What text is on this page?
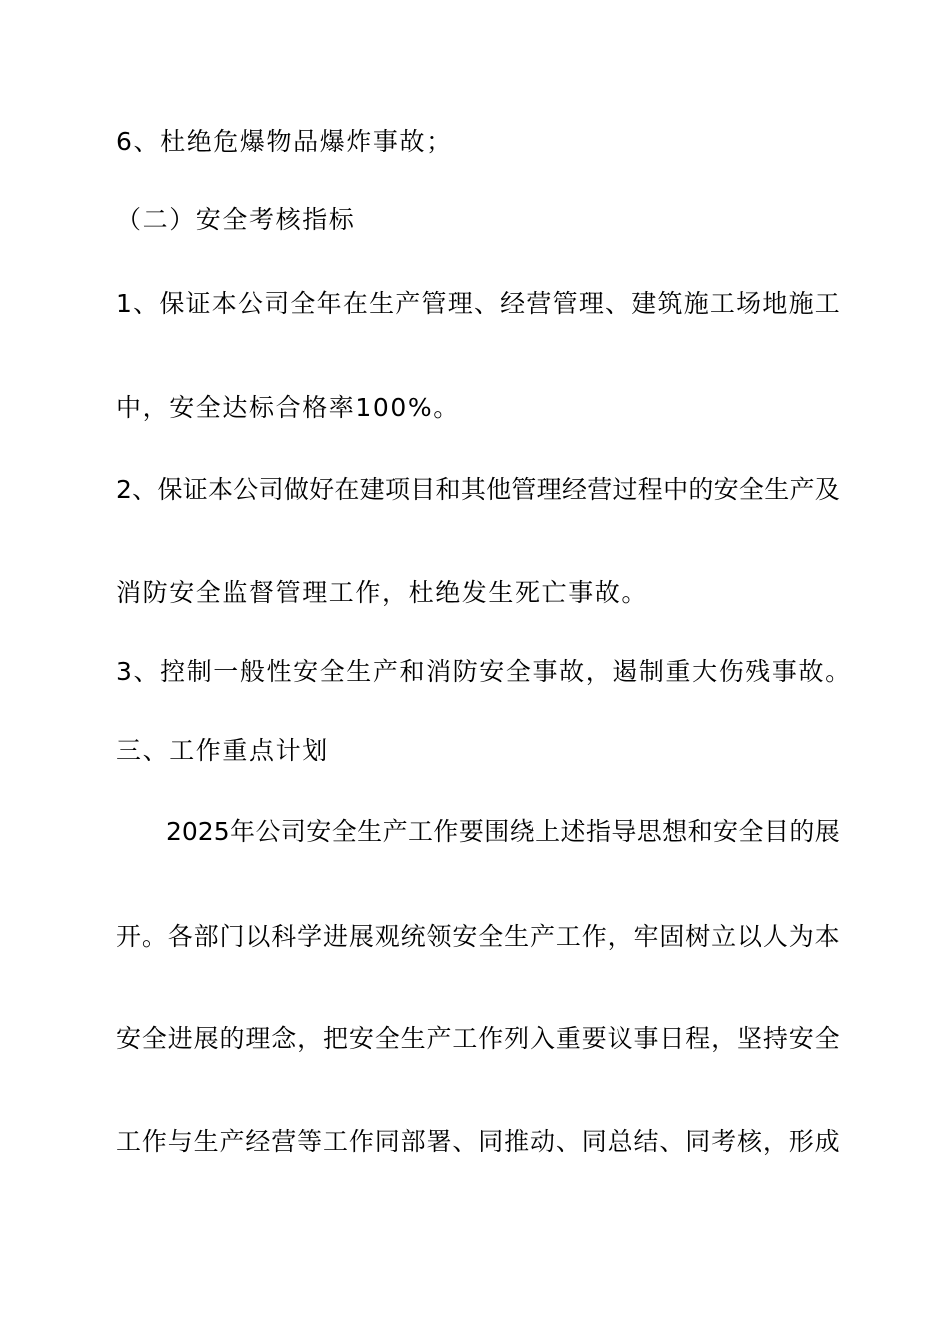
6、杜绝危爆物品爆炸事故；
（二）安全考核指标
1 、 保 证 本 公 司 全 年 在 生 产 管 理 、 经 营 管 理 、 建 筑 施 工 场 地 施 工
中，安全达标合格率100%。
2 、 保 证 本 公 司 做 好 在 建 项 目 和 其 他 管 理 经 营 过 程 中 的 安 全 生 产 及
消防安全监督管理工作，杜绝发生死亡事故。
3、控制一般性安全生产和消防安全事故，遏制重大伤残事故。
三、工作重点计划
2025 年 公 司 安 全 生 产 工 作 要 围 绕 上 述 指 导 思 想 和 安 全 目 的 展
开 。 各 部 门 以 科 学 进 展 观 统 领 安 全 生 产 工 作 ， 牢 固 树 立 以 人 为 本
安 全 进 展 的 理 念 ， 把 安 全 生 产 工 作 列 入 重 要 议 事 日 程 ， 坚 持 安 全
工 作 与 生 产 经 营 等 工 作 同 部 署 、 同 推 动 、 同 总 结 、 同 考 核 ， 形 成
